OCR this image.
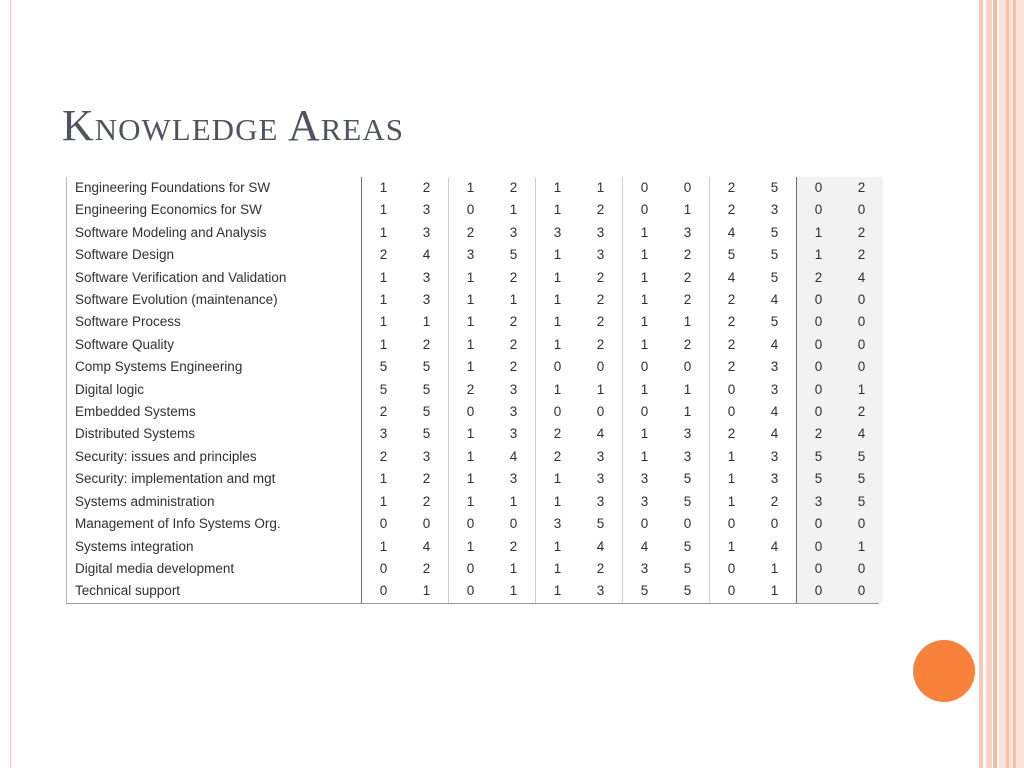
Knowledge Areas
Engineering Foundations for SW	1	2	1	2	1	1	0	0	2	5	0	2
Engineering Economics for SW	1	3	0	1	1	2	0	1	2	3	0	0
Software Modeling and Analysis	1	3	2	3	3	3	1	3	4	5	1	2
Software Design	2	4	3	5	1	3	1	2	5	5	1	2
Software Verification and Validation	1	3	1	2	1	2	1	2	4	5	2	4
Software Evolution (maintenance)	1	3	1	1	1	2	1	2	2	4	0	0
Software Process	1	1	1	2	1	2	1	1	2	5	0	0
Software Quality	1	2	1	2	1	2	1	2	2	4	0	0
Comp Systems Engineering	5	5	1	2	0	0	0	0	2	3	0	0
Digital logic	5	5	2	3	1	1	1	1	0	3	0	1
Embedded Systems	2	5	0	3	0	0	0	1	0	4	0	2
Distributed Systems	3	5	1	3	2	4	1	3	2	4	2	4
Security: issues and principles	2	3	1	4	2	3	1	3	1	3	5	5
Security: implementation and mgt	1	2	1	3	1	3	3	5	1	3	5	5
Systems administration	1	2	1	1	1	3	3	5	1	2	3	5
Management of Info Systems Org.	0	0	0	0	3	5	0	0	0	0	0	0
Systems integration	1	4	1	2	1	4	4	5	1	4	0	1
Digital media development	0	2	0	1	1	2	3	5	0	1	0	0
Technical support	0	1	0	1	1	3	5	5	0	1	0	0
